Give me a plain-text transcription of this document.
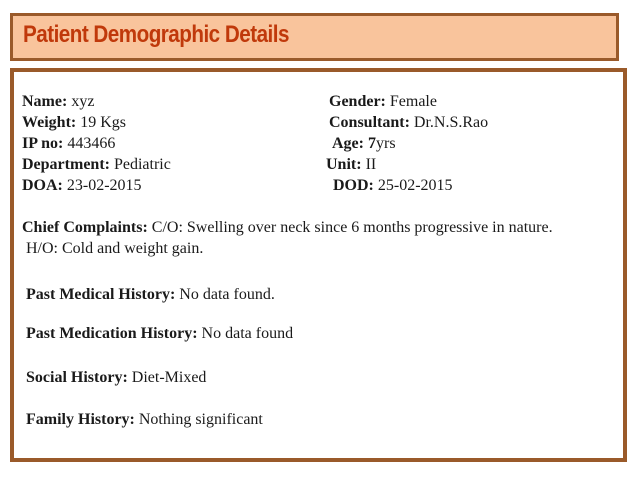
Patient Demographic Details
Name: xyz
Weight: 19 Kgs
IP no: 443466
Department: Pediatric
DOA: 23-02-2015
Gender: Female
Consultant: Dr.N.S.Rao
Age: 7yrs
Unit: II
DOD: 25-02-2015
Chief Complaints: C/O: Swelling over neck since 6 months progressive in nature.
H/O: Cold and weight gain.
Past Medical History: No data found.
Past Medication History: No data found
Social History: Diet-Mixed
Family History: Nothing significant
